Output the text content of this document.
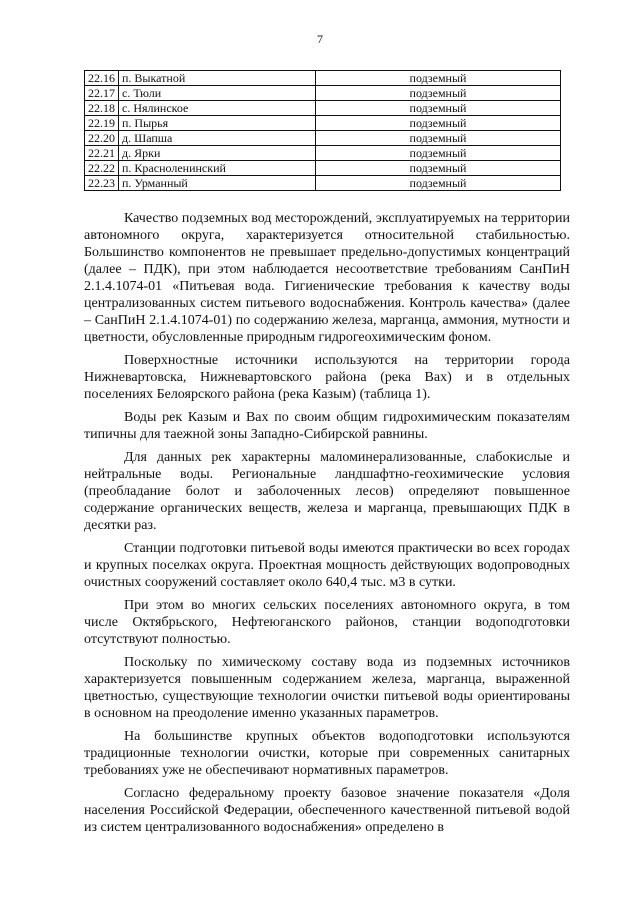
7
22.16	п. Выкатной	подземный
22.17	с. Тюли	подземный
22.18	с. Нялинское	подземный
22.19	п. Пырья	подземный
22.20	д. Шапша	подземный
22.21	д. Ярки	подземный
22.22	п. Красноленинский	подземный
22.23	п. Урманный	подземный

Качество подземных вод месторождений, эксплуатируемых на территории автономного округа, характеризуется относительной стабильностью. Большинство компонентов не превышает предельно-допустимых концентраций (далее – ПДК), при этом наблюдается несоответствие требованиям СанПиН 2.1.4.1074-01 «Питьевая вода. Гигиенические требования к качеству воды централизованных систем питьевого водоснабжения. Контроль качества» (далее – СанПиН 2.1.4.1074-01) по содержанию железа, марганца, аммония, мутности и цветности, обусловленные природным гидрогеохимическим фоном.

Поверхностные источники используются на территории города Нижневартовска, Нижневартовского района (река Вах) и в отдельных поселениях Белоярского района (река Казым) (таблица 1).

Воды рек Казым и Вах по своим общим гидрохимическим показателям типичны для таежной зоны Западно-Сибирской равнины.

Для данных рек характерны маломинерализованные, слабокислые и нейтральные воды. Региональные ландшафтно-геохимические условия (преобладание болот и заболоченных лесов) определяют повышенное содержание органических веществ, железа и марганца, превышающих ПДК в десятки раз.

Станции подготовки питьевой воды имеются практически во всех городах и крупных поселках округа. Проектная мощность действующих водопроводных очистных сооружений составляет около 640,4 тыс. м3 в сутки.

При этом во многих сельских поселениях автономного округа, в том числе Октябрьского, Нефтеюганского районов, станции водоподготовки отсутствуют полностью.

Поскольку по химическому составу вода из подземных источников характеризуется повышенным содержанием железа, марганца, выраженной цветностью, существующие технологии очистки питьевой воды ориентированы в основном на преодоление именно указанных параметров.

На большинстве крупных объектов водоподготовки используются традиционные технологии очистки, которые при современных санитарных требованиях уже не обеспечивают нормативных параметров.

Согласно федеральному проекту базовое значение показателя «Доля населения Российской Федерации, обеспеченного качественной питьевой водой из систем централизованного водоснабжения» определено в
